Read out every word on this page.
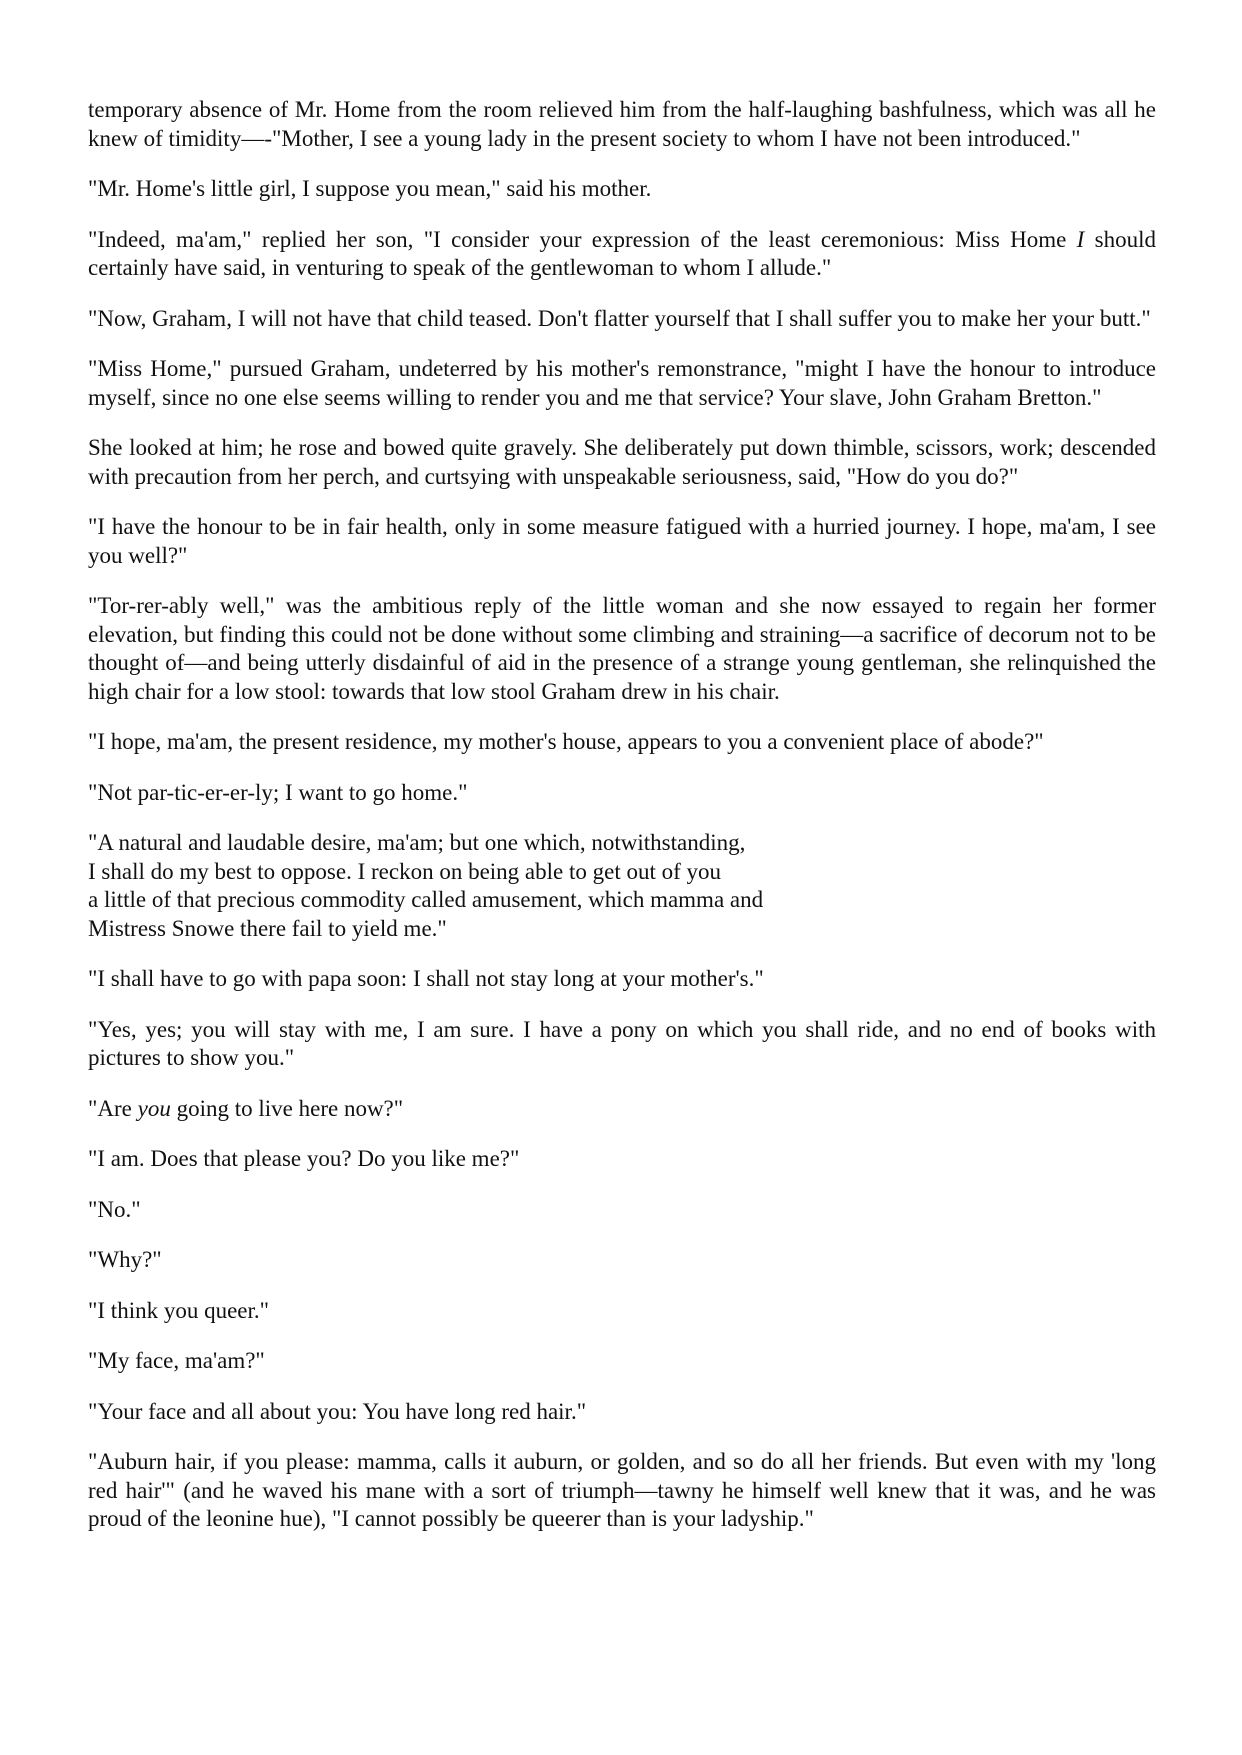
temporary absence of Mr. Home from the room relieved him from the half-laughing bashfulness, which was all he knew of timidity—-"Mother, I see a young lady in the present society to whom I have not been introduced."

"Mr. Home's little girl, I suppose you mean," said his mother.

"Indeed, ma'am," replied her son, "I consider your expression of the least ceremonious: Miss Home I should certainly have said, in venturing to speak of the gentlewoman to whom I allude."

"Now, Graham, I will not have that child teased. Don't flatter yourself that I shall suffer you to make her your butt."

"Miss Home," pursued Graham, undeterred by his mother's remonstrance, "might I have the honour to introduce myself, since no one else seems willing to render you and me that service? Your slave, John Graham Bretton."

She looked at him; he rose and bowed quite gravely. She deliberately put down thimble, scissors, work; descended with precaution from her perch, and curtsying with unspeakable seriousness, said, "How do you do?"

"I have the honour to be in fair health, only in some measure fatigued with a hurried journey. I hope, ma'am, I see you well?"

"Tor-rer-ably well," was the ambitious reply of the little woman and she now essayed to regain her former elevation, but finding this could not be done without some climbing and straining—a sacrifice of decorum not to be thought of—and being utterly disdainful of aid in the presence of a strange young gentleman, she relinquished the high chair for a low stool: towards that low stool Graham drew in his chair.

"I hope, ma'am, the present residence, my mother's house, appears to you a convenient place of abode?"

"Not par-tic-er-er-ly; I want to go home."

"A natural and laudable desire, ma'am; but one which, notwithstanding,
I shall do my best to oppose. I reckon on being able to get out of you
a little of that precious commodity called amusement, which mamma and
Mistress Snowe there fail to yield me."

"I shall have to go with papa soon: I shall not stay long at your mother's."

"Yes, yes; you will stay with me, I am sure. I have a pony on which you shall ride, and no end of books with pictures to show you."

"Are you going to live here now?"

"I am. Does that please you? Do you like me?"

"No."

"Why?"

"I think you queer."

"My face, ma'am?"

"Your face and all about you: You have long red hair."

"Auburn hair, if you please: mamma, calls it auburn, or golden, and so do all her friends. But even with my 'long red hair'" (and he waved his mane with a sort of triumph—tawny he himself well knew that it was, and he was proud of the leonine hue), "I cannot possibly be queerer than is your ladyship."
